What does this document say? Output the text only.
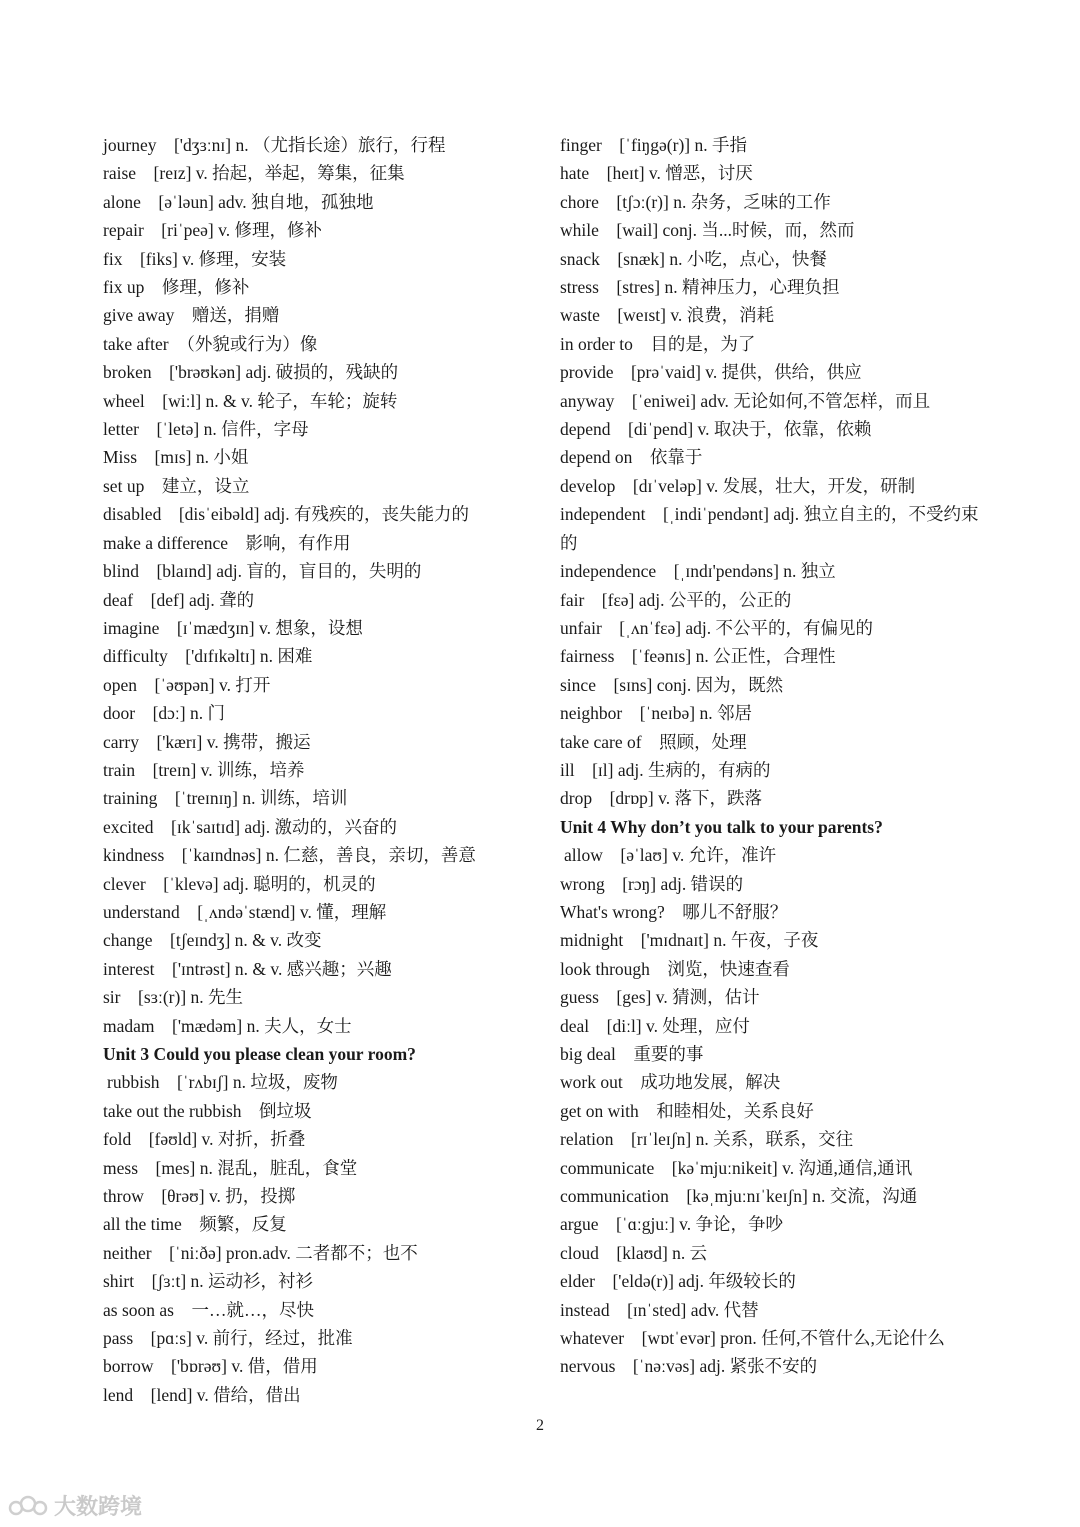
journey　['dʒɜːnɪ] n. （尤指长途）旅行，行程
raise　[reɪz] v. 抬起，举起，筹集，征集
alone　[əˈləun] adv. 独自地，孤独地
repair　[riˈpeə] v. 修理，修补
fix　[fiks] v. 修理，安装
fix up　修理，修补
give away　赠送，捐赠
take after　（外貌或行为）像
broken　['brəʊkən] adj. 破损的，残缺的
wheel　[wiːl] n. & v. 轮子，车轮；旋转
letter　[ˈletə] n. 信件，字母
Miss　[mɪs] n. 小姐
set up　建立，设立
disabled　[disˈeibəld] adj. 有残疾的，丧失能力的
make a difference　影响，有作用
blind　[blaɪnd] adj. 盲的，盲目的，失明的
deaf　[def] adj. 聋的
imagine　[ɪˈmædʒɪn] v. 想象，设想
difficulty　['dɪfɪkəltɪ] n. 困难
open　[ˈəʊpən] v. 打开
door　[dɔː] n. 门
carry　['kærɪ] v. 携带，搬运
train　[treɪn] v. 训练，培养
training　[ˈtreɪnɪŋ] n. 训练，培训
excited　[ɪkˈsaɪtɪd] adj. 激动的，兴奋的
kindness　[ˈkaɪndnəs] n. 仁慈，善良，亲切，善意
clever　[ˈklevə] adj. 聪明的，机灵的
understand　[ˌʌndəˈstænd] v. 懂，理解
change　[tʃeɪndʒ] n. & v. 改变
interest　['ɪntrəst] n. & v. 感兴趣；兴趣
sir　[sɜː(r)] n. 先生
madam　['mædəm] n. 夫人，女士
Unit 3 Could you please clean your room?
rubbish　[ˈrʌbɪʃ] n. 垃圾，废物
take out the rubbish　倒垃圾
fold　[fəʊld] v. 对折，折叠
mess　[mes] n. 混乱，脏乱，食堂
throw　[θrəʊ] v. 扔，投掷
all the time　频繁，反复
neither　[ˈniːðə] pron.adv. 二者都不；也不
shirt　[ʃɜːt] n. 运动衫，衬衫
as soon as　一…就…，尽快
pass　[pɑːs] v. 前行，经过，批准
borrow　['bɒrəʊ] v. 借，借用
lend　[lend] v. 借给，借出
finger　[ˈfiŋgə(r)] n. 手指
hate　[heɪt] v. 憎恶，讨厌
chore　[tʃɔː(r)] n. 杂务，乏味的工作
while　[wail] conj. 当...时候，而，然而
snack　[snæk] n. 小吃，点心，快餐
stress　[stres] n. 精神压力，心理负担
waste　[weɪst] v. 浪费，消耗
in order to　目的是，为了
provide　[prəˈvaid] v. 提供，供给，供应
anyway　[ˈeniwei] adv. 无论如何,不管怎样，而且
depend　[diˈpend] v. 取决于，依靠，依赖
depend on　依靠于
develop　[dɪˈveləp] v. 发展，壮大，开发，研制
independent　[ˌindiˈpendənt] adj. 独立自主的，不受约束的
independence　[ˌɪndɪ'pendəns] n. 独立
fair　[fɛə] adj. 公平的，公正的
unfair　[ˌʌnˈfɛə] adj. 不公平的，有偏见的
fairness　[ˈfeənɪs] n. 公正性，合理性
since　[sɪns] conj. 因为，既然
neighbor　[ˈneɪbə] n. 邻居
take care of　照顾，处理
ill　[ɪl] adj. 生病的，有病的
drop　[drɒp] v. 落下，跌落
Unit 4 Why don’t you talk to your parents?
allow　[əˈlaʊ] v. 允许，准许
wrong　[rɔŋ] adj. 错误的
What's wrong?　哪儿不舒服？
midnight　['mɪdnaɪt] n. 午夜，子夜
look through　浏览，快速查看
guess　[ges] v. 猜测，估计
deal　[diːl] v. 处理，应付
big deal　重要的事
work out　成功地发展，解决
get on with　和睦相处，关系良好
relation　[rɪˈleɪʃn] n. 关系，联系，交往
communicate　[kəˈmjuːnikeit] v. 沟通,通信,通讯
communication　[kəˌmjuːnɪˈkeɪʃn] n. 交流，沟通
argue　[ˈɑːgjuː] v. 争论，争吵
cloud　[klaʊd] n. 云
elder　['eldə(r)] adj. 年级较长的
instead　[ɪnˈsted] adv. 代替
whatever　[wɒtˈevər] pron. 任何,不管什么,无论什么
nervous　[ˈnəːvəs] adj. 紧张不安的
2
大数跨境
